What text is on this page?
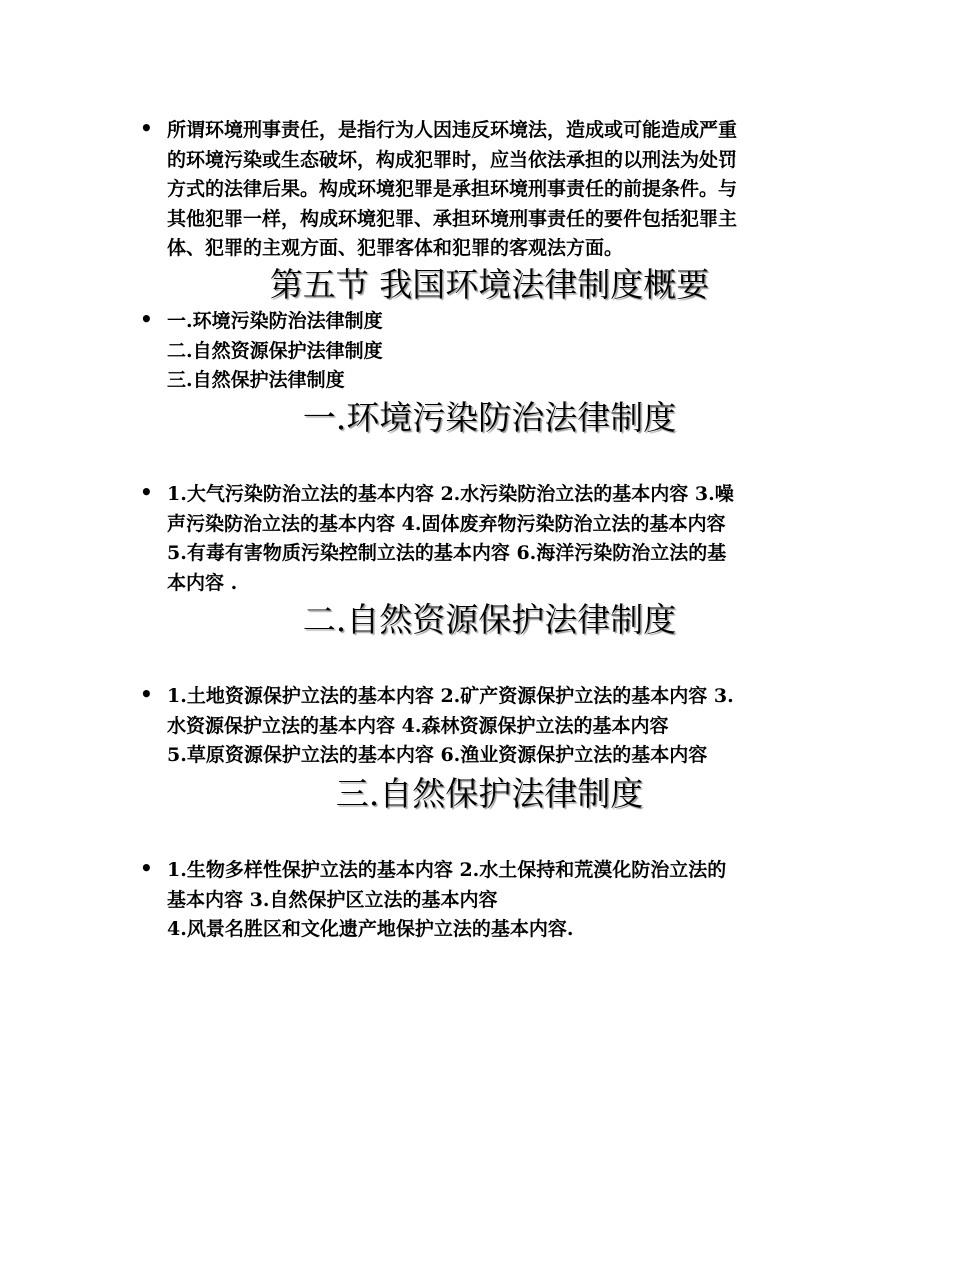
• 所谓环境刑事责任，是指行为人因违反环境法，造成或可能造成严重
的环境污染或生态破坏，构成犯罪时，应当依法承担的以刑法为处罚
方式的法律后果。构成环境犯罪是承担环境刑事责任的前提条件。与
其他犯罪一样，构成环境犯罪、承担环境刑事责任的要件包括犯罪主
体、犯罪的主观方面、犯罪客体和犯罪的客观法方面。
第五节 我国环境法律制度概要
• 一.环境污染防治法律制度
二.自然资源保护法律制度
三.自然保护法律制度
一.环境污染防治法律制度
• 1.大气污染防治立法的基本内容 2.水污染防治立法的基本内容 3.噪
声污染防治立法的基本内容 4.固体废弃物污染防治立法的基本内容
5.有毒有害物质污染控制立法的基本内容 6.海洋污染防治立法的基
本内容 .
二.自然资源保护法律制度
• 1.土地资源保护立法的基本内容 2.矿产资源保护立法的基本内容 3.
水资源保护立法的基本内容 4.森林资源保护立法的基本内容
5.草原资源保护立法的基本内容 6.渔业资源保护立法的基本内容
三.自然保护法律制度
• 1.生物多样性保护立法的基本内容 2.水土保持和荒漠化防治立法的
基本内容 3.自然保护区立法的基本内容
4.风景名胜区和文化遗产地保护立法的基本内容.
